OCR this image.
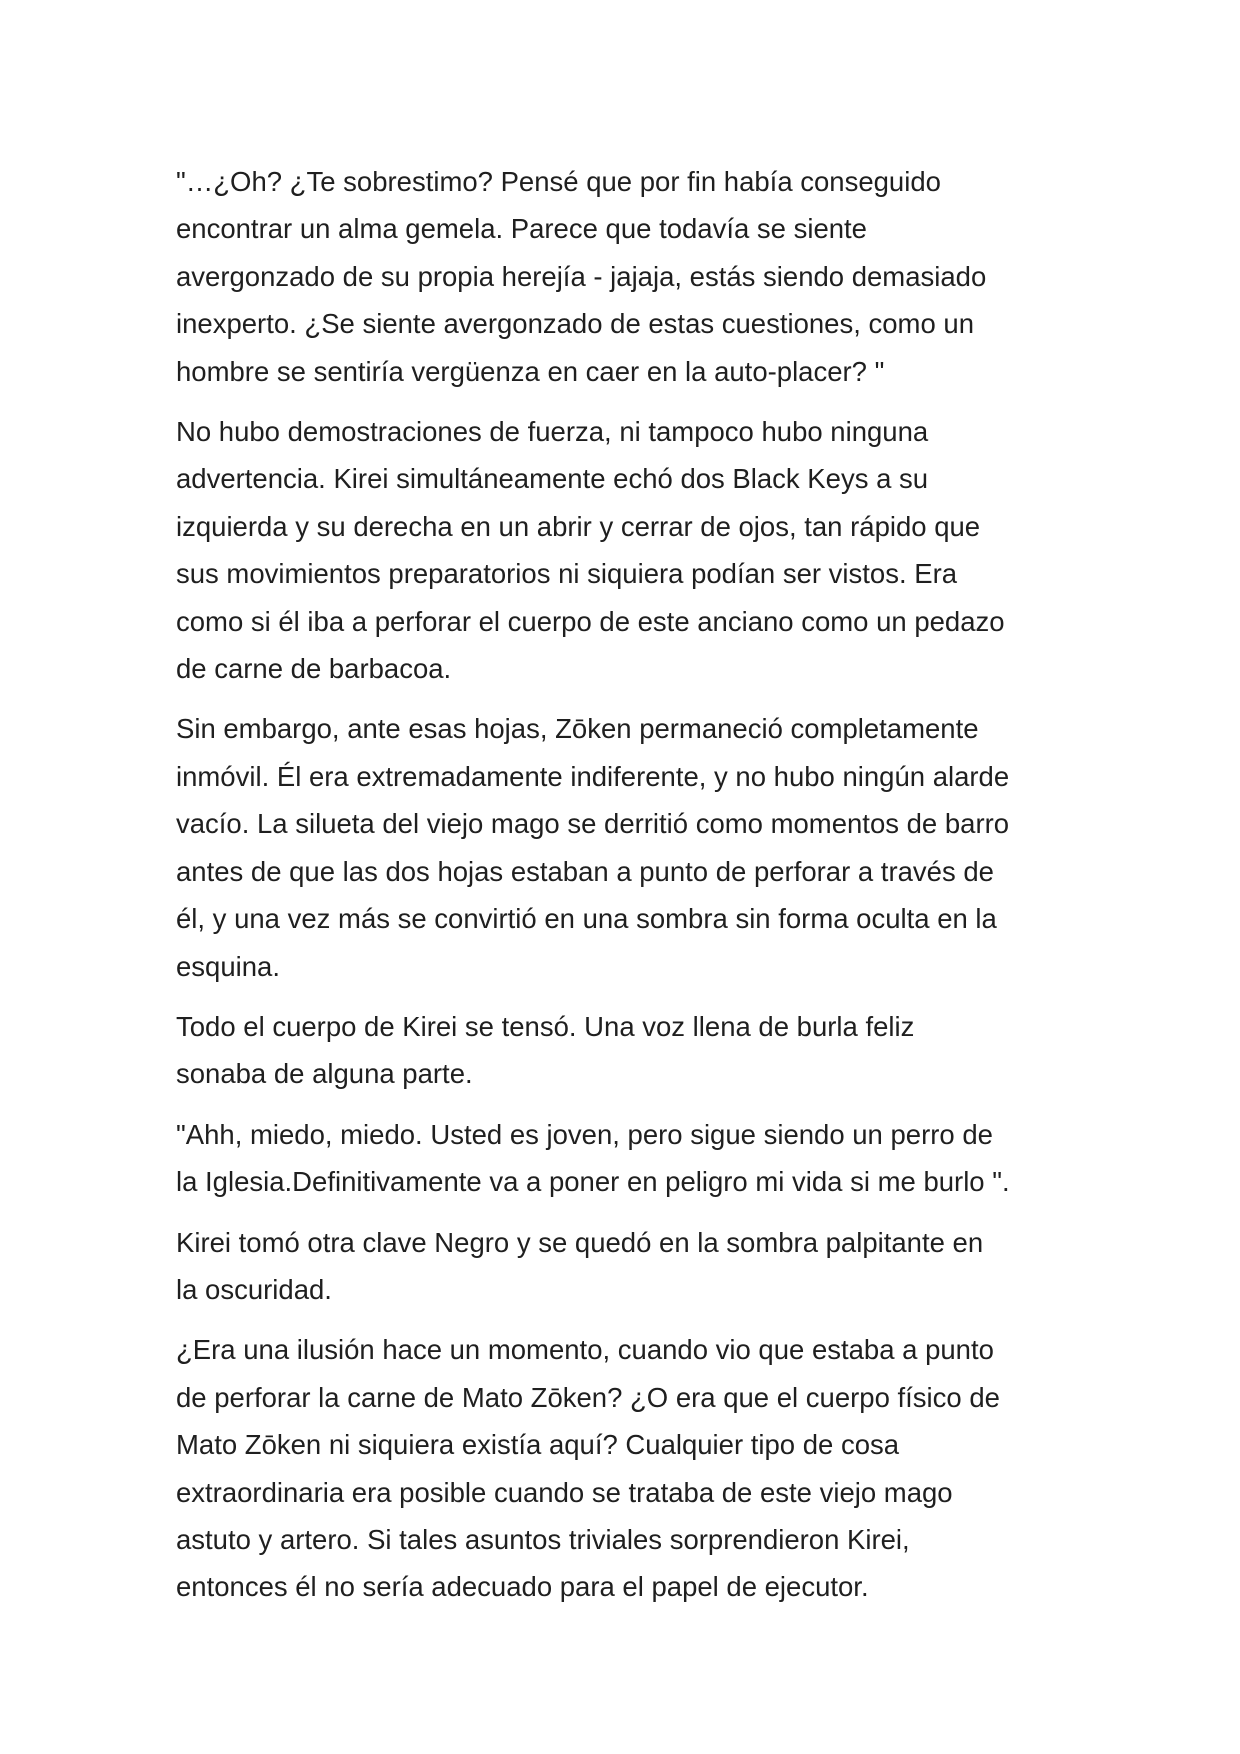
"…¿Oh? ¿Te sobrestimo? Pensé que por fin había conseguido
encontrar un alma gemela. Parece que todavía se siente
avergonzado de su propia herejía - jajaja, estás siendo demasiado
inexperto. ¿Se siente avergonzado de estas cuestiones, como un
hombre se sentiría vergüenza en caer en la auto-placer? "

No hubo demostraciones de fuerza, ni tampoco hubo ninguna
advertencia. Kirei simultáneamente echó dos Black Keys a su
izquierda y su derecha en un abrir y cerrar de ojos, tan rápido que
sus movimientos preparatorios ni siquiera podían ser vistos. Era
como si él iba a perforar el cuerpo de este anciano como un pedazo
de carne de barbacoa.

Sin embargo, ante esas hojas, Zōken permaneció completamente
inmóvil. Él era extremadamente indiferente, y no hubo ningún alarde
vacío. La silueta del viejo mago se derritió como momentos de barro
antes de que las dos hojas estaban a punto de perforar a través de
él, y una vez más se convirtió en una sombra sin forma oculta en la
esquina.

Todo el cuerpo de Kirei se tensó. Una voz llena de burla feliz
sonaba de alguna parte.

"Ahh, miedo, miedo. Usted es joven, pero sigue siendo un perro de
la Iglesia.Definitivamente va a poner en peligro mi vida si me burlo ".

Kirei tomó otra clave Negro y se quedó en la sombra palpitante en
la oscuridad.

¿Era una ilusión hace un momento, cuando vio que estaba a punto
de perforar la carne de Mato Zōken? ¿O era que el cuerpo físico de
Mato Zōken ni siquiera existía aquí? Cualquier tipo de cosa
extraordinaria era posible cuando se trataba de este viejo mago
astuto y artero. Si tales asuntos triviales sorprendieron Kirei,
entonces él no sería adecuado para el papel de ejecutor.
